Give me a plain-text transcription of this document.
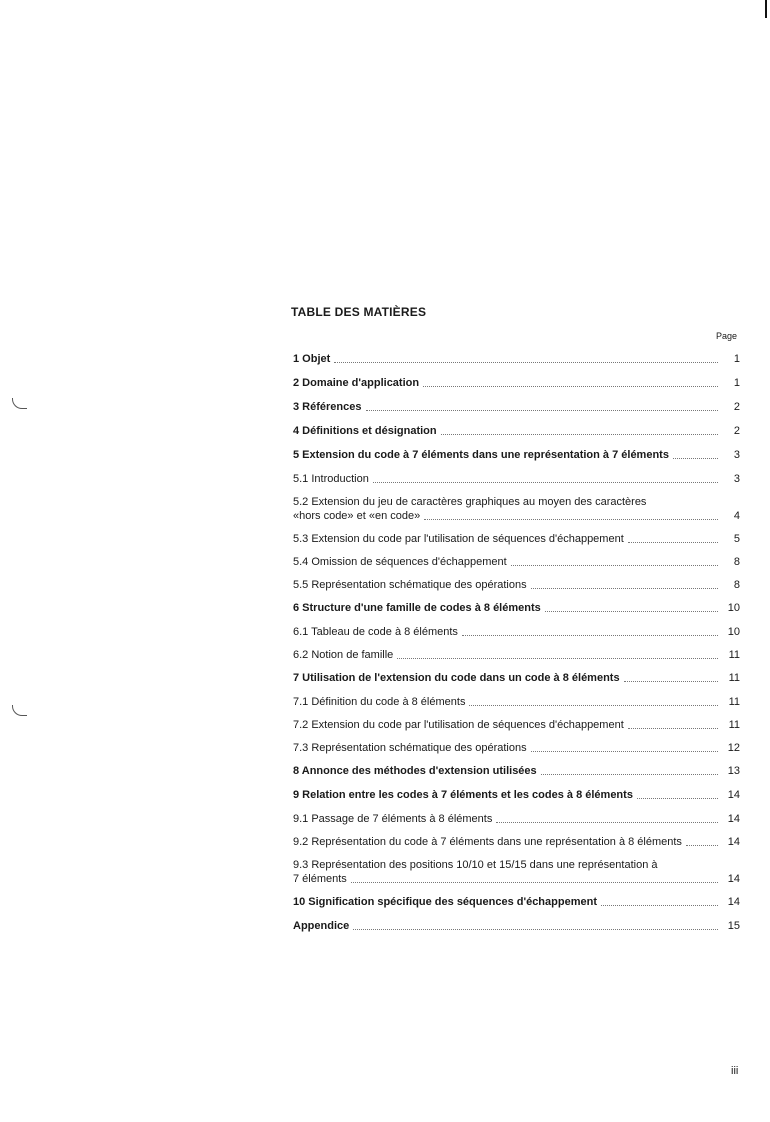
TABLE DES MATIÈRES
Page
1 Objet	1
2 Domaine d'application	1
3 Références	2
4 Définitions et désignation	2
5 Extension du code à 7 éléments dans une représentation à 7 éléments	3
5.1 Introduction	3
5.2 Extension du jeu de caractères graphiques au moyen des caractères
«hors code» et «en code»	4
5.3 Extension du code par l'utilisation de séquences d'échappement	5
5.4 Omission de séquences d'échappement	8
5.5 Représentation schématique des opérations	8
6 Structure d'une famille de codes à 8 éléments	10
6.1 Tableau de code à 8 éléments	10
6.2 Notion de famille	11
7 Utilisation de l'extension du code dans un code à 8 éléments	11
7.1 Définition du code à 8 éléments	11
7.2 Extension du code par l'utilisation de séquences d'échappement	11
7.3 Représentation schématique des opérations	12
8 Annonce des méthodes d'extension utilisées	13
9 Relation entre les codes à 7 éléments et les codes à 8 éléments	14
9.1 Passage de 7 éléments à 8 éléments	14
9.2 Représentation du code à 7 éléments dans une représentation à 8 éléments	14
9.3 Représentation des positions 10/10 et 15/15 dans une représentation à
7 éléments	14
10 Signification spécifique des séquences d'échappement	14
Appendice	15
iii
